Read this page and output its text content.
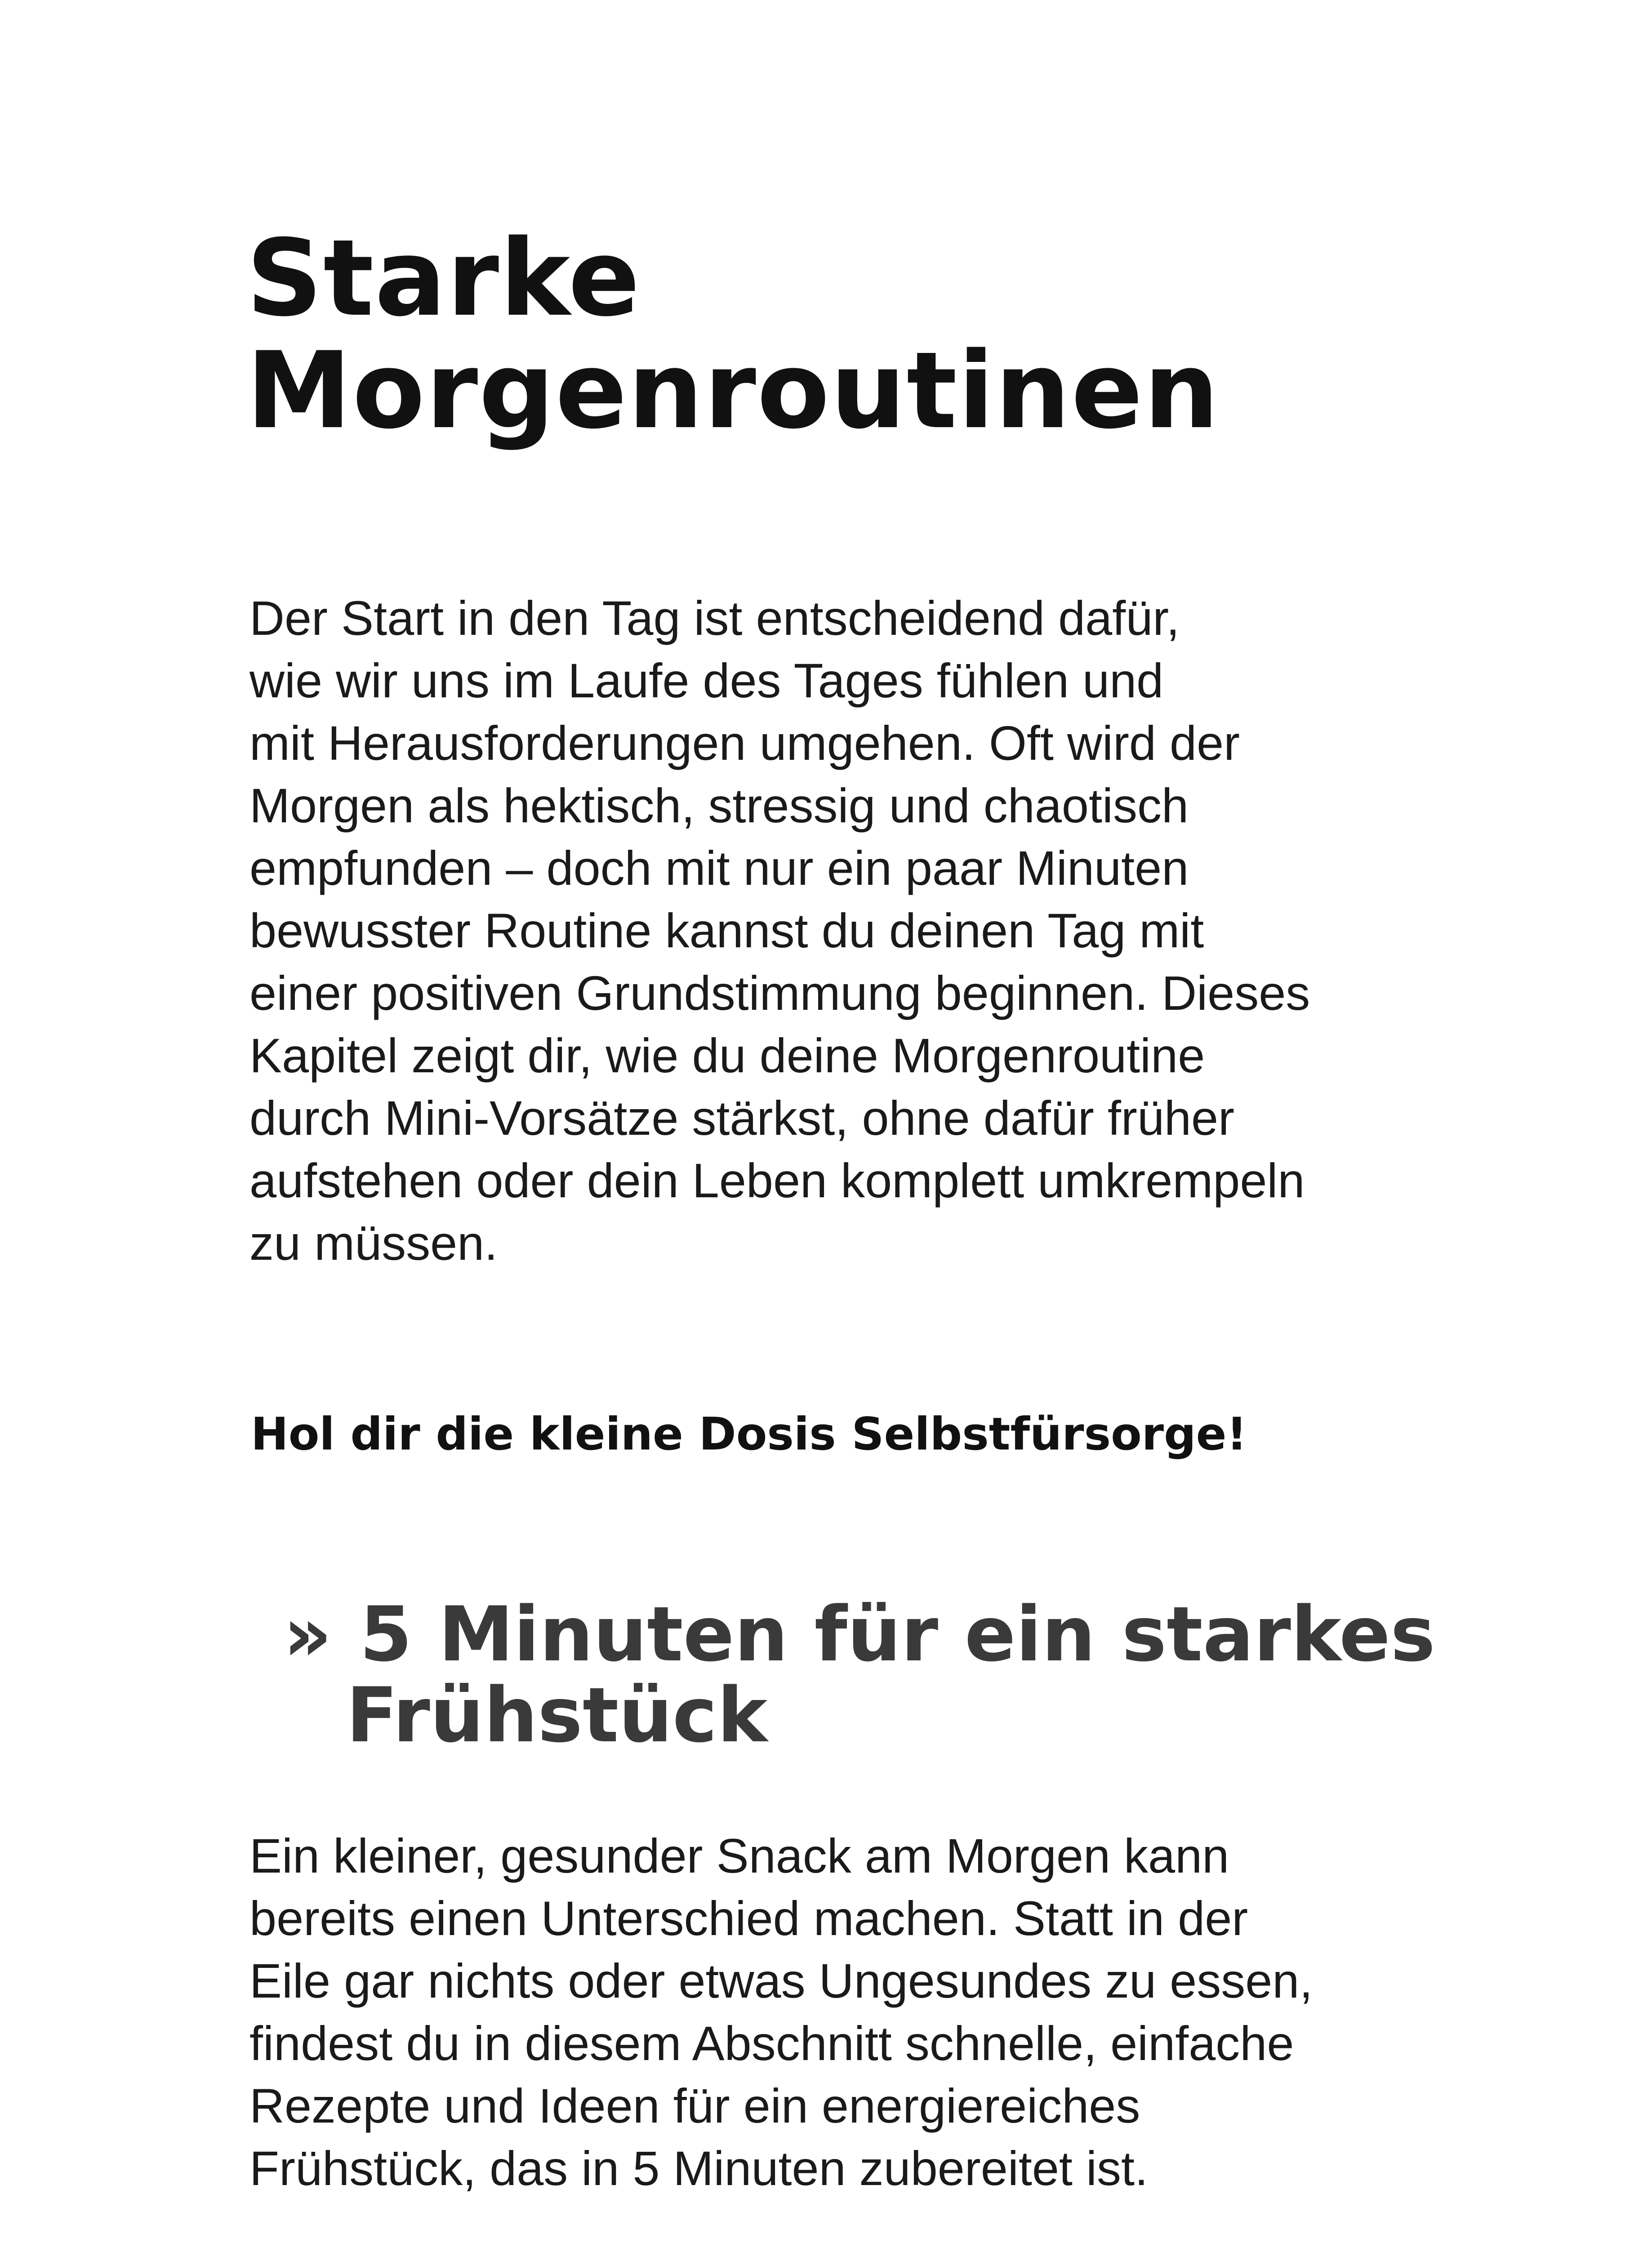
Starke
Morgenroutinen

Der Start in den Tag ist entscheidend dafür,
wie wir uns im Laufe des Tages fühlen und
mit Herausforderungen umgehen. Oft wird der
Morgen als hektisch, stressig und chaotisch
empfunden – doch mit nur ein paar Minuten
bewusster Routine kannst du deinen Tag mit
einer positiven Grundstimmung beginnen. Dieses
Kapitel zeigt dir, wie du deine Morgenroutine
durch Mini-Vorsätze stärkst, ohne dafür früher
aufstehen oder dein Leben komplett umkrempeln
zu müssen.

Hol dir die kleine Dosis Selbstfürsorge!
» 5 Minuten für ein starkes
Frühstück

Ein kleiner, gesunder Snack am Morgen kann
bereits einen Unterschied machen. Statt in der
Eile gar nichts oder etwas Ungesundes zu essen,
findest du in diesem Abschnitt schnelle, einfache
Rezepte und Ideen für ein energiereiches
Frühstück, das in 5 Minuten zubereitet ist.
